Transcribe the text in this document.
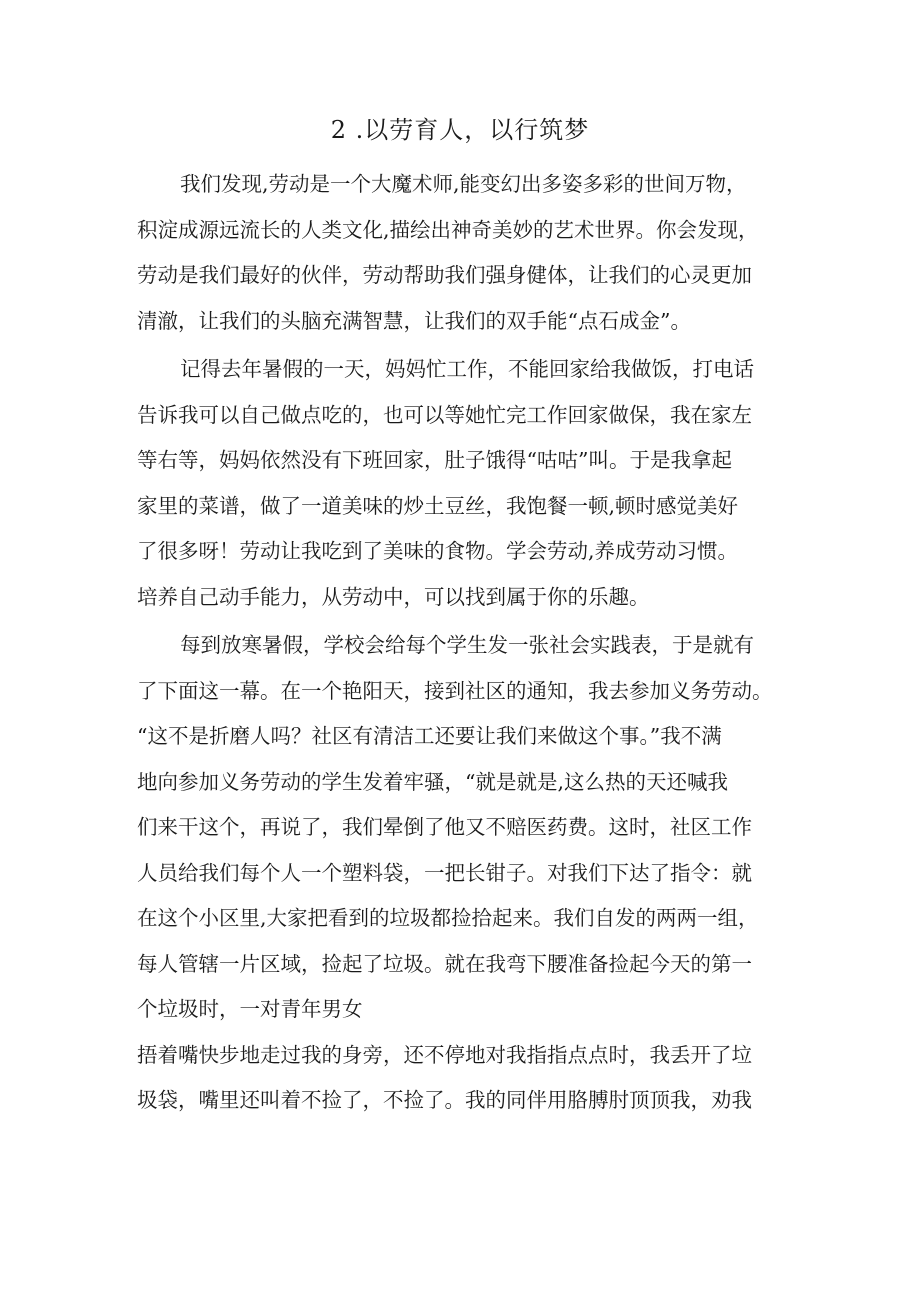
2 .以劳育人，以行筑梦
我们发现,劳动是一个大魔术师,能变幻出多姿多彩的世间万物，
积淀成源远流长的人类文化,描绘出神奇美妙的艺术世界。你会发现，
劳动是我们最好的伙伴，劳动帮助我们强身健体，让我们的心灵更加
清澈，让我们的头脑充满智慧，让我们的双手能“点石成金”。
记得去年暑假的一天，妈妈忙工作，不能回家给我做饭，打电话
告诉我可以自己做点吃的，也可以等她忙完工作回家做保，我在家左
等右等，妈妈依然没有下班回家，肚子饿得“咕咕”叫。于是我拿起
家里的菜谱，做了一道美味的炒土豆丝，我饱餐一顿,顿时感觉美好
了很多呀！劳动让我吃到了美味的食物。学会劳动,养成劳动习惯。
培养自己动手能力，从劳动中，可以找到属于你的乐趣。
每到放寒暑假，学校会给每个学生发一张社会实践表，于是就有
了下面这一幕。在一个艳阳天，接到社区的通知，我去参加义务劳动。
“这不是折磨人吗？社区有清洁工还要让我们来做这个事。”我不满
地向参加义务劳动的学生发着牢骚，“就是就是,这么热的天还喊我
们来干这个，再说了，我们晕倒了他又不赔医药费。这时，社区工作
人员给我们每个人一个塑料袋，一把长钳子。对我们下达了指令：就
在这个小区里,大家把看到的垃圾都捡拾起来。我们自发的两两一组，
每人管辖一片区域，捡起了垃圾。就在我弯下腰准备捡起今天的第一
个垃圾时，一对青年男女
捂着嘴快步地走过我的身旁，还不停地对我指指点点时，我丢开了垃
圾袋，嘴里还叫着不捡了，不捡了。我的同伴用胳膊肘顶顶我，劝我
